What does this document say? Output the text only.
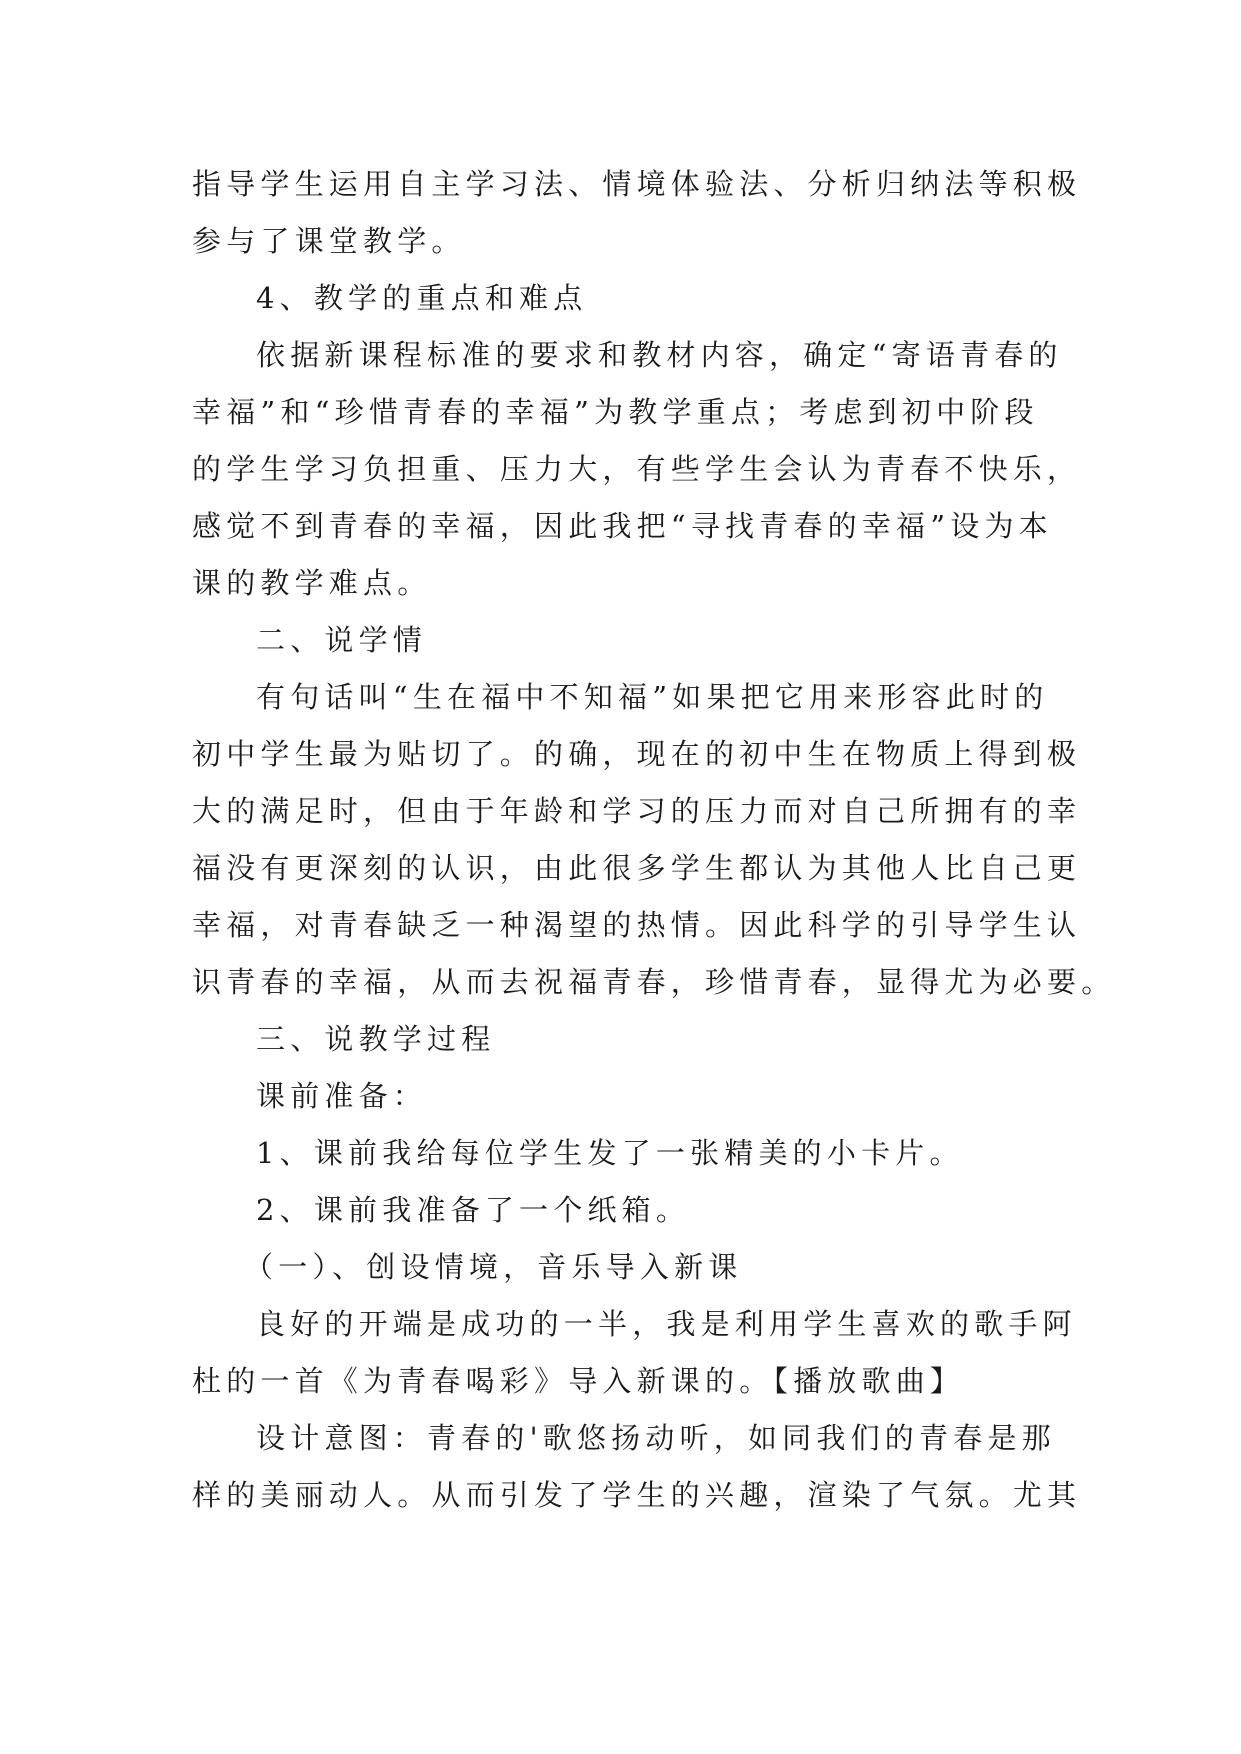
指导学生运用自主学习法、情境体验法、分析归纳法等积极
参与了课堂教学。
4、教学的重点和难点
依据新课程标准的要求和教材内容，确定“寄语青春的
幸福”和“珍惜青春的幸福”为教学重点；考虑到初中阶段
的学生学习负担重、压力大，有些学生会认为青春不快乐，
感觉不到青春的幸福，因此我把“寻找青春的幸福”设为本
课的教学难点。
二、说学情
有句话叫“生在福中不知福”如果把它用来形容此时的
初中学生最为贴切了。的确，现在的初中生在物质上得到极
大的满足时，但由于年龄和学习的压力而对自己所拥有的幸
福没有更深刻的认识，由此很多学生都认为其他人比自己更
幸福，对青春缺乏一种渴望的热情。因此科学的引导学生认
识青春的幸福，从而去祝福青春，珍惜青春，显得尤为必要。
三、说教学过程
课前准备：
1、课前我给每位学生发了一张精美的小卡片。
2、课前我准备了一个纸箱。
（一）、创设情境，音乐导入新课
良好的开端是成功的一半，我是利用学生喜欢的歌手阿
杜的一首《为青春喝彩》导入新课的。【播放歌曲】
设计意图：青春的'歌悠扬动听，如同我们的青春是那
样的美丽动人。从而引发了学生的兴趣，渲染了气氛。尤其
